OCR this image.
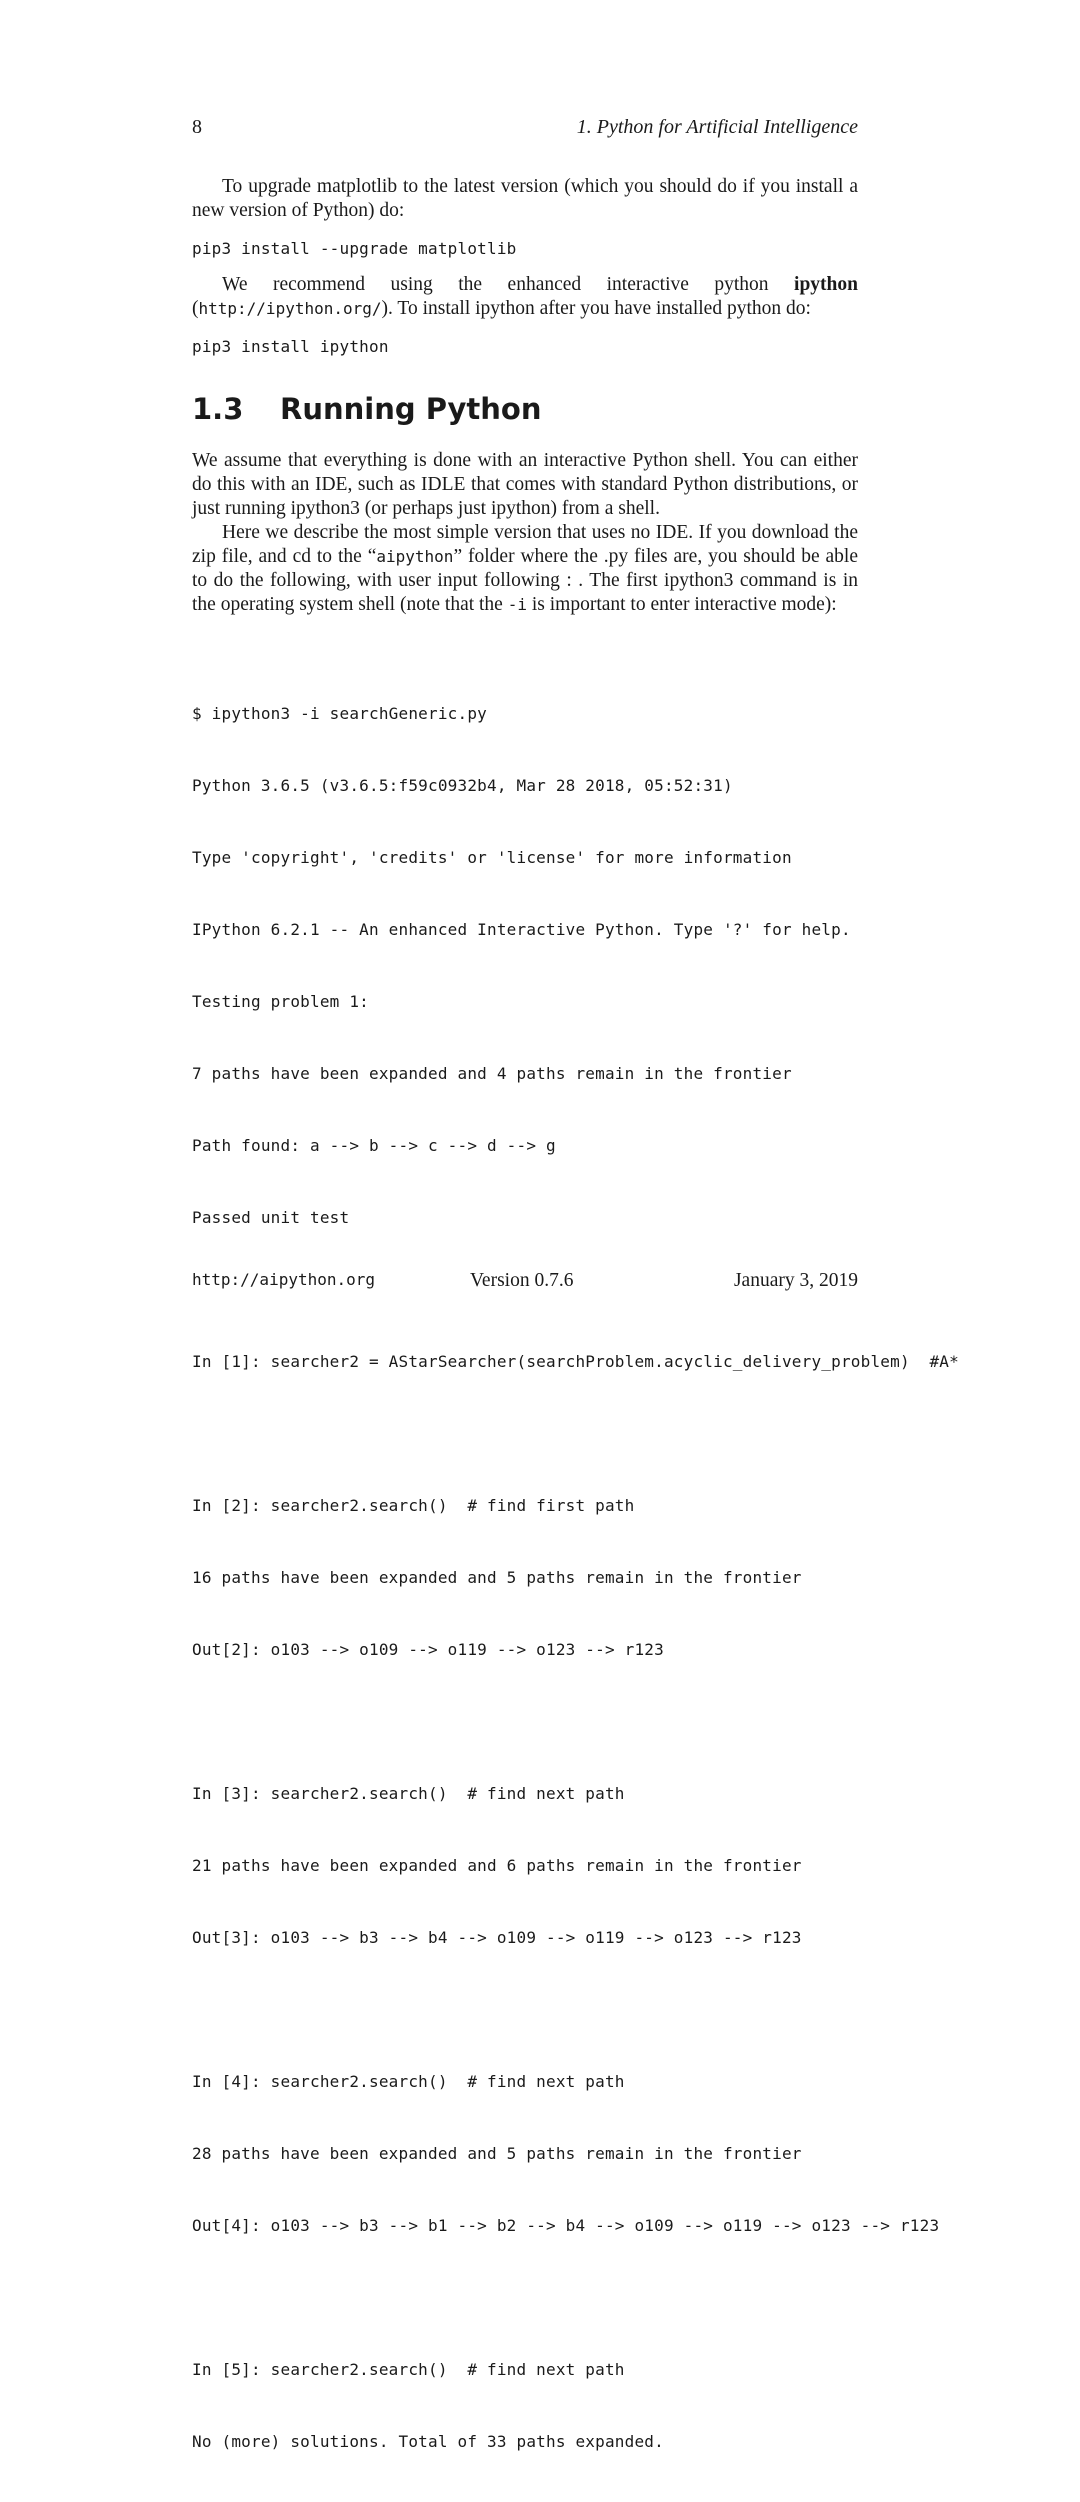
8	1. Python for Artificial Intelligence

To upgrade matplotlib to the latest version (which you should do if you install a new version of Python) do:

pip3 install --upgrade matplotlib

We recommend using the enhanced interactive python ipython (http://ipython.org/). To install ipython after you have installed python do:

pip3 install ipython
1.3 Running Python

We assume that everything is done with an interactive Python shell. You can either do this with an IDE, such as IDLE that comes with standard Python distributions, or just running ipython3 (or perhaps just ipython) from a shell.

Here we describe the most simple version that uses no IDE. If you download the zip file, and cd to the “aipython” folder where the .py files are, you should be able to do the following, with user input following : . The first ipython3 command is in the operating system shell (note that the -i is important to enter interactive mode):

$ ipython3 -i searchGeneric.py

Python 3.6.5 (v3.6.5:f59c0932b4, Mar 28 2018, 05:52:31)

Type 'copyright', 'credits' or 'license' for more information

IPython 6.2.1 -- An enhanced Interactive Python. Type '?' for help.

Testing problem 1:

7 paths have been expanded and 4 paths remain in the frontier

Path found: a --> b --> c --> d --> g

Passed unit test

In [1]: searcher2 = AStarSearcher(searchProblem.acyclic_delivery_problem)  #A*

In [2]: searcher2.search()  # find first path

16 paths have been expanded and 5 paths remain in the frontier

Out[2]: o103 --> o109 --> o119 --> o123 --> r123

In [3]: searcher2.search()  # find next path

21 paths have been expanded and 6 paths remain in the frontier

Out[3]: o103 --> b3 --> b4 --> o109 --> o119 --> o123 --> r123

In [4]: searcher2.search()  # find next path

28 paths have been expanded and 5 paths remain in the frontier

Out[4]: o103 --> b3 --> b1 --> b2 --> b4 --> o109 --> o119 --> o123 --> r123

In [5]: searcher2.search()  # find next path

No (more) solutions. Total of 33 paths expanded.

http://aipython.org	Version 0.7.6	January 3, 2019
